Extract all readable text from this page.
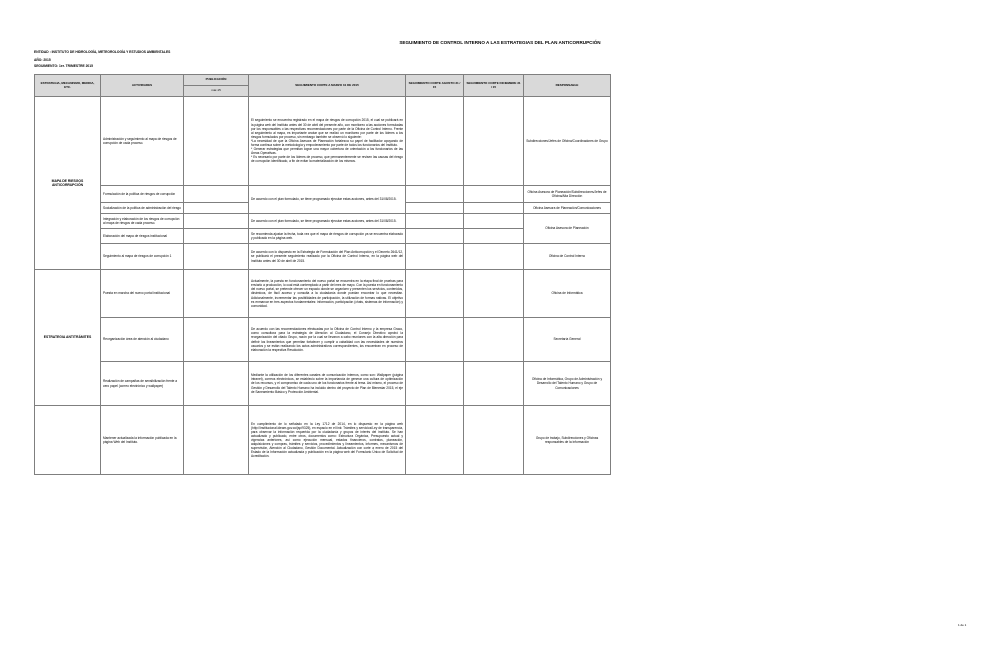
SEGUIMIENTO DE CONTROL INTERNO A LAS ESTRATEGIAS DEL PLAN ANTICORRUPCIÓN
ENTIDAD : INSTITUTO DE HIDROLOGÍA, METEOROLOGÍA Y ESTUDIOS AMBIENTALES
AÑO: 2015
SEGUIMIENTO: 1er. TRIMESTRE 2015
ESTRATEGIA, MECANISMO, MEDIDA, ETC.	ACTIVIDADES	PUBLICACIÓN	SEGUIMIENTO CORTE A MARZO 31 DE 2015	SEGUIMIENTO CORTE AGOSTO 31 / 15	SEGUIMIENTO CORTE DICIEMBRE 31 / 15	RESPONSABLE
		mar-15				
MAPA DE RIESGOS ANTICORRUPCIÓN	Administración y seguimiento al mapa de riesgos de corrupción de cada proceso.		El seguimiento se encuentra registrado en el mapa de riesgos de corrupción 2015, el cual se publicará en la página web del Instituto antes del 30 de abril del presente año, con monitoreo a las acciones formuladas por los responsables o las respectivas recomendaciones por parte de la Oficina de Control Interno. Frente al seguimiento al mapa, es importante anotar que se realizó un monitoreo por parte de los líderes a los riesgos formulados por proceso, sin embargo también se observó lo siguiente:
*La necesidad de que la Oficina Asesora de Planeación fortalezca su papel de facilitador apoyando de forma continua sobre la metodología y empoderamiento por parte de todos los funcionarios del Instituto.
* Generar estrategias que permitan lograr una mayor cobertura de orientación a los funcionarios de las Áreas Operativas.
* Es necesario por parte de los líderes de proceso, que permanentemente se revisen las causas del riesgo de corrupción identificado, a fin de evitar la materialización de los mismos.			Subdirecciones/Jefes de Oficina/Coordinadores de Grupo
	Formulación de la política de riesgos de corrupción		De acuerdo con el plan formulado, se tiene programado ejecutar estas acciones, antes del 31/08/2015.			Oficina Asesora de Planeación/Subdirecciones/Jefes de Oficina/Alta Dirección
	Socialización de la política de administración del riesgo					Oficina Asesora de Planeación/Comunicaciones
	Integración y elaboración de los riesgos de corrupción al mapa de riesgos de cada proceso.		De acuerdo con el plan formulado, se tiene programado ejecutar estas acciones, antes del 31/08/2015.			Oficina Asesora de Planeación
	Elaboración del mapa de riesgos institucional		Se recomienda ajustar la fecha, toda vez que el mapa de riesgos de corrupción ya se encuentra elaborado y publicado en la página web.			
	Seguimiento al mapa de riesgos de corrupción 1		De acuerdo con lo dispuesto en la Estrategia de Formulación del Plan Anticorrupción y el Decreto 2641/12, se publicará el presente seguimiento realizado por la Oficina de Control Interno, en la página web del Instituto antes del 30 de abril de 2015.			Oficina de Control Interno
ESTRATEGIA ANTITRÁMITES	Puesta en marcha del nuevo portal institucional		Actualmente, la puesta en funcionamiento del nuevo portal se encuentra en la etapa final de pruebas para enviarlo a producción, lo cual está contemplado a partir del mes de mayo. Con la puesta en funcionamiento del nuevo portal, se pretende ofrecer un espacio donde se organicen y presenten los servicios, contenidos, dinámicos, de fácil acceso y consulta a la ciudadanía donde puedan encontrar lo que necesitan. Adicionalmente, incrementar las posibilidades de participación, la utilización de formas nativas. El objetivo es enmarcar en tres aspectos fundamentales: información, participación (chats, sistemas de información) y comunidad.			Oficina de Informática
	Reorganización área de atención al ciudadano		De acuerdo con las recomendaciones efectuadas por la Oficina de Control Interno y la empresa Graco, como consultora para la estrategia de Atención al Ciudadano, el Consejo Directivo aprobó la reorganización del citado Grupo, razón por la cual se llevaron a cabo reuniones con la alta dirección para definir los lineamientos que permitan fortalecer y cumplir a cabalidad con las necesidades de nuestros usuarios y se están realizando los actos administrativos correspondientes, los encuentran en proceso de elaboración la respectiva Resolución.			Secretaría General
	Realización de campañas de sensibilización frente a cero papel (correo electrónico y wallpaper)		Mediante la utilización de los diferentes canales de comunicación internos, como son: Wallpaper (página intranet), correos electrónicos, se establecio sobre la importancia de generar una cultura de optimización de los recursos, y el compromiso de cada uno de los funcionarios frente al tema. Así mismo, el proceso de Gestión y Desarrollo del Talento Humano ha incluido dentro del proyecto de Plan de Bienestar 2015, el eje de Saneamiento Básico y Protección Ambiental.			Oficina de Informática, Grupo de Administración y Desarrollo del Talento Humano y Grupo de Comunicaciones
	Mantener actualizada la información publicada en la página Web del Instituto.		En cumplimiento de lo señalado en la Ley 1712 de 2014, en lo dispuesto en la página web (http://institucional.ideam.gov.co/jsp/9325), en espacio en el link: Trámites y servicios/Ley de transparencia, para observar la información requerida por la ciudadanía y grupos de interés del instituto. Se han actualizado y publicado, entre otros, documentos como: Estructura Orgánica, Presupuesto actual y vigencias anteriores, así como ejecución mensual, estados financieros, contratos, planeación, adquisiciones y compras, trámites y servicios, procedimientos y lineamientos, informes, mecanismos de supervisión, Atención al Ciudadano, Gestión Documental. Actualización con corte a enero de 2015 del Estado de la Información actualizada y publicación en la página web del Formulario Único de Solicitud de Acreditación.			Grupo de trabajo, Subdirecciones y Oficinas responsables de la información
1 de 1
